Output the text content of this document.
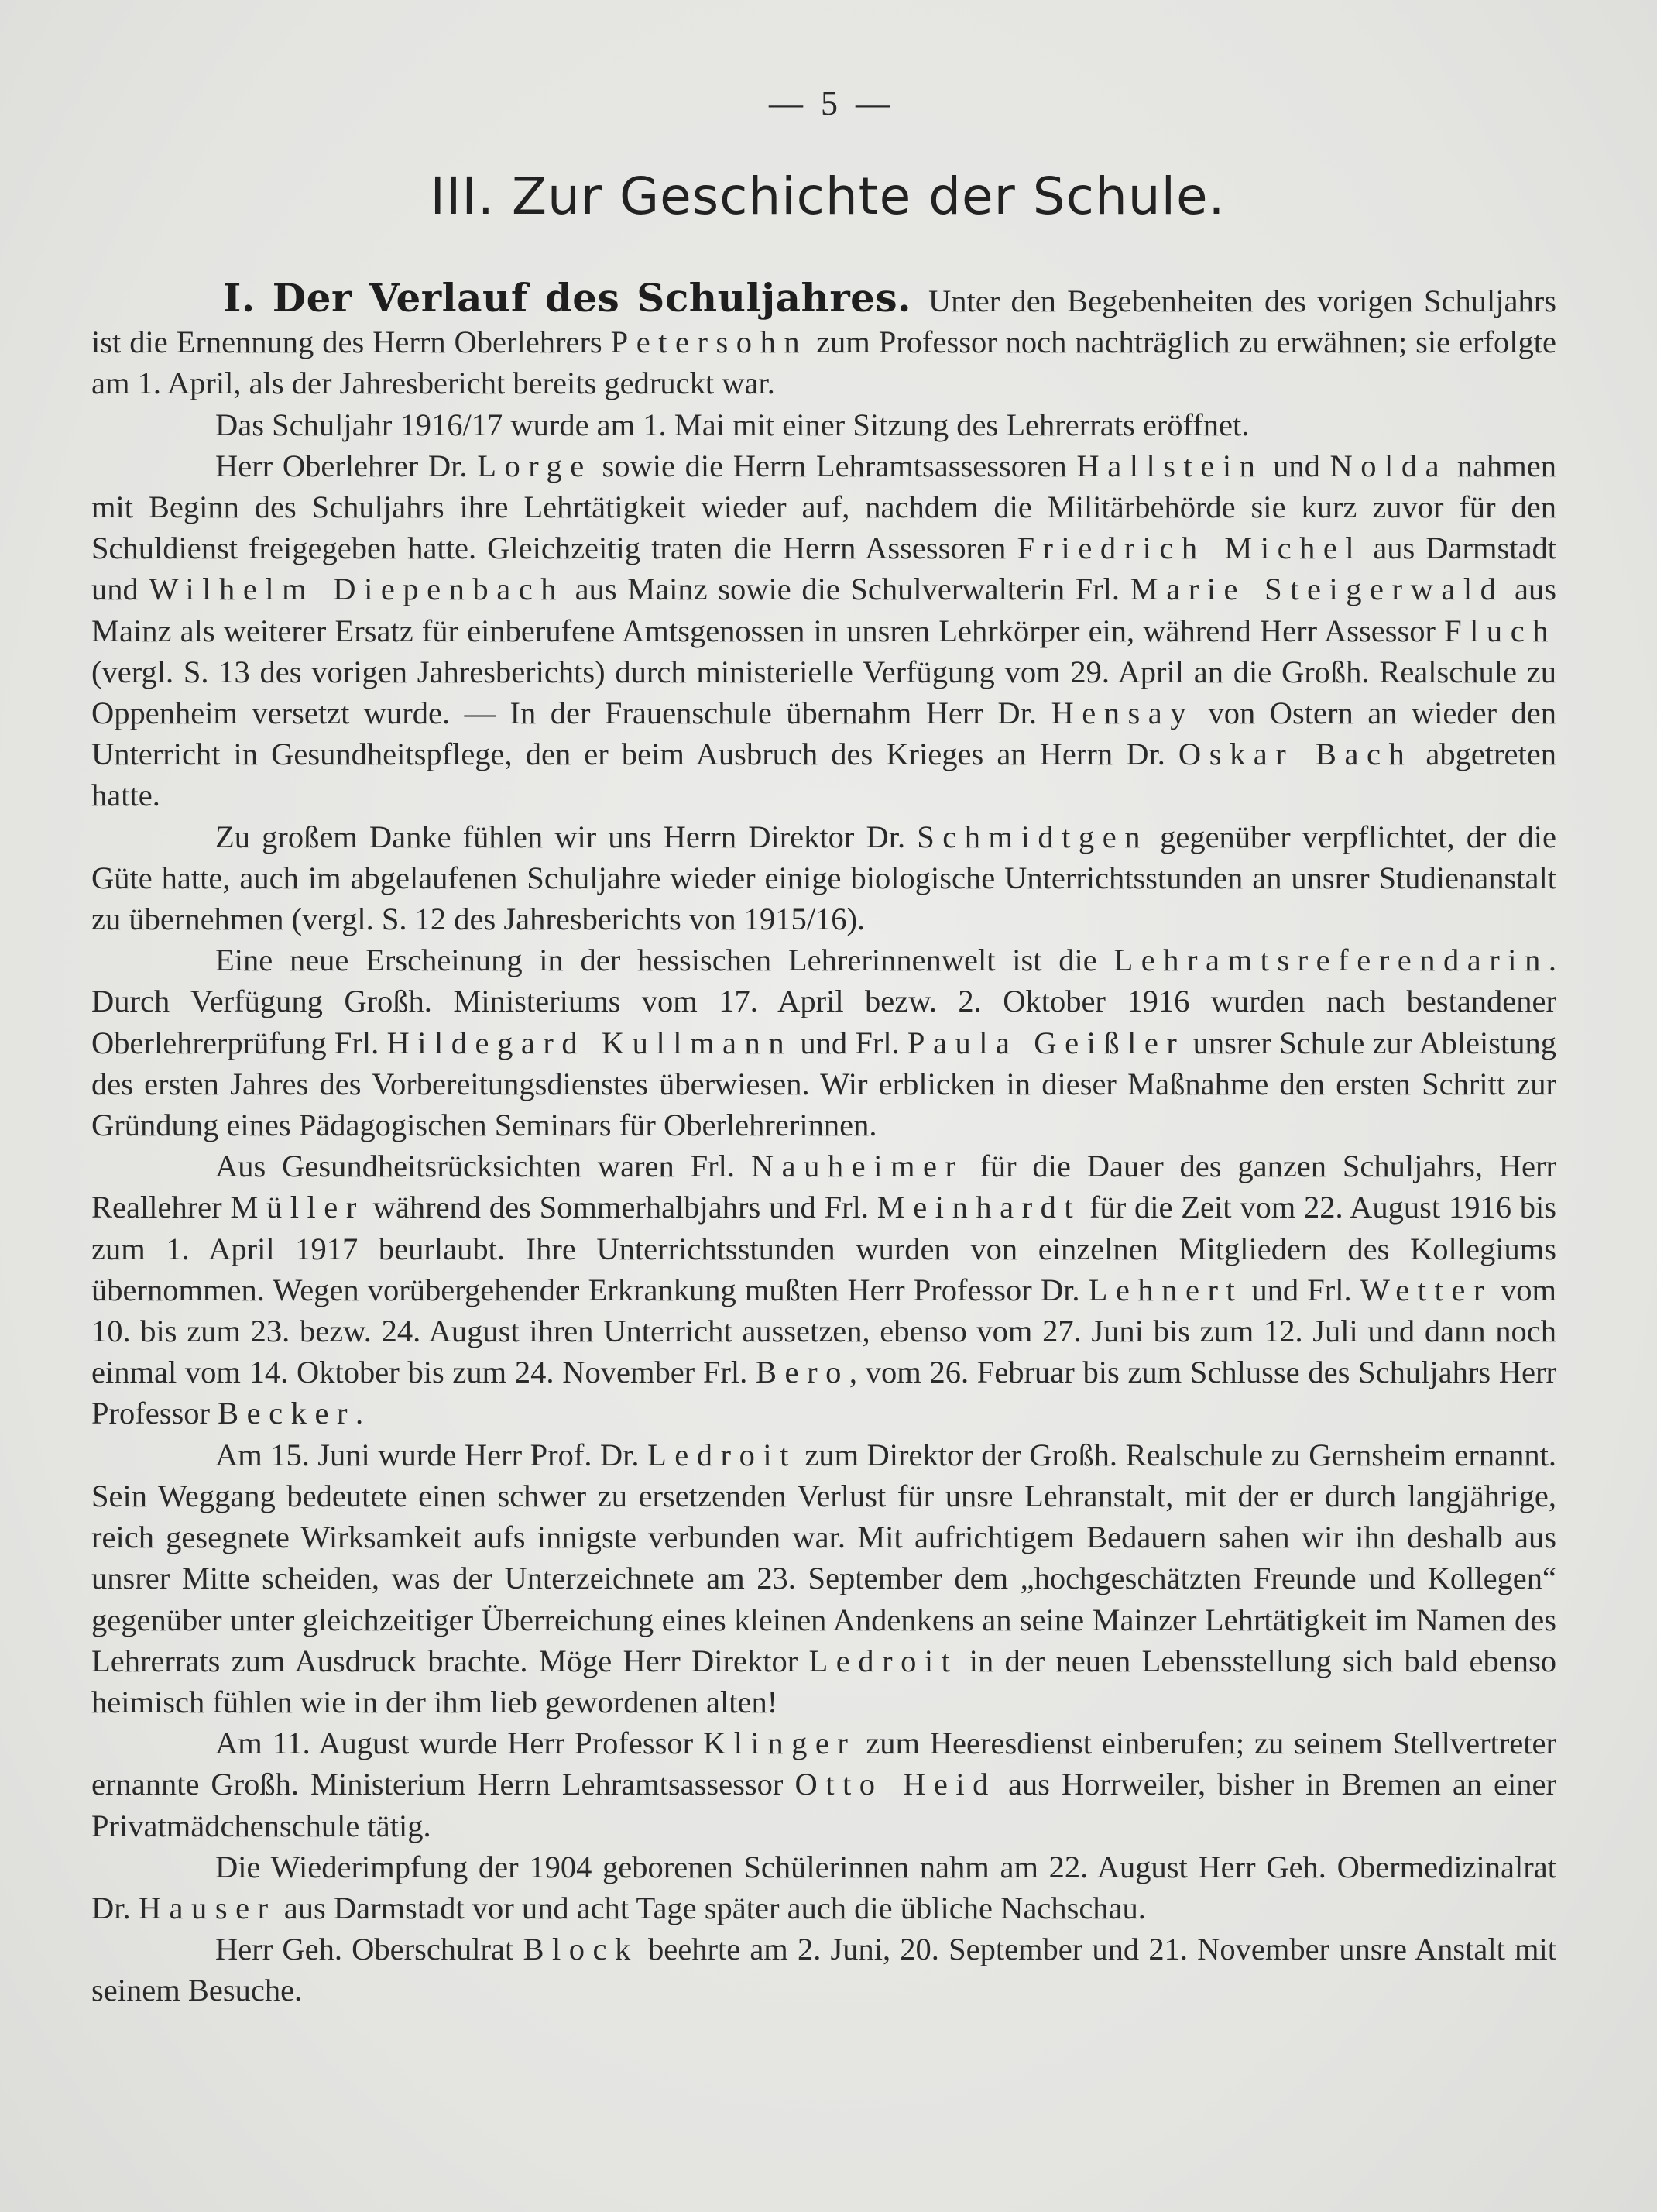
— 5 —
III. Zur Geschichte der Schule.

I. Der Verlauf des Schuljahres. Unter den Begebenheiten des vorigen Schuljahrs ist die Ernennung des Herrn Oberlehrers Petersohn zum Professor noch nachträglich zu erwähnen; sie erfolgte am 1. April, als der Jahresbericht bereits gedruckt war.

Das Schuljahr 1916/17 wurde am 1. Mai mit einer Sitzung des Lehrerrats eröffnet.

Herr Oberlehrer Dr. Lorge sowie die Herrn Lehramtsassessoren Hallstein und Nolda nahmen mit Beginn des Schuljahrs ihre Lehrtätigkeit wieder auf, nachdem die Militärbehörde sie kurz zuvor für den Schuldienst freigegeben hatte. Gleichzeitig traten die Herrn Assessoren Friedrich Michel aus Darmstadt und Wilhelm Diepenbach aus Mainz sowie die Schulverwalterin Frl. Marie Steigerwald aus Mainz als weiterer Ersatz für einberufene Amtsgenossen in unsren Lehrkörper ein, während Herr Assessor Fluch (vergl. S. 13 des vorigen Jahresberichts) durch ministerielle Verfügung vom 29. April an die Großh. Realschule zu Oppenheim versetzt wurde. — In der Frauenschule übernahm Herr Dr. Hensay von Ostern an wieder den Unterricht in Gesundheitspflege, den er beim Ausbruch des Krieges an Herrn Dr. Oskar Bach abgetreten hatte.

Zu großem Danke fühlen wir uns Herrn Direktor Dr. Schmidtgen gegenüber verpflichtet, der die Güte hatte, auch im abgelaufenen Schuljahre wieder einige biologische Unterrichtsstunden an unsrer Studienanstalt zu übernehmen (vergl. S. 12 des Jahresberichts von 1915/16).

Eine neue Erscheinung in der hessischen Lehrerinnenwelt ist die Lehramtsreferendarin. Durch Verfügung Großh. Ministeriums vom 17. April bezw. 2. Oktober 1916 wurden nach bestandener Oberlehrerprüfung Frl. Hildegard Kullmann und Frl. Paula Geißler unsrer Schule zur Ableistung des ersten Jahres des Vorbereitungsdienstes überwiesen. Wir erblicken in dieser Maßnahme den ersten Schritt zur Gründung eines Pädagogischen Seminars für Oberlehrerinnen.

Aus Gesundheitsrücksichten waren Frl. Nauheimer für die Dauer des ganzen Schuljahrs, Herr Reallehrer Müller während des Sommerhalbjahrs und Frl. Meinhardt für die Zeit vom 22. August 1916 bis zum 1. April 1917 beurlaubt. Ihre Unterrichtsstunden wurden von einzelnen Mitgliedern des Kollegiums übernommen. Wegen vorübergehender Erkrankung mußten Herr Professor Dr. Lehnert und Frl. Wetter vom 10. bis zum 23. bezw. 24. August ihren Unterricht aussetzen, ebenso vom 27. Juni bis zum 12. Juli und dann noch einmal vom 14. Oktober bis zum 24. November Frl. Bero, vom 26. Februar bis zum Schlusse des Schuljahrs Herr Professor Becker.

Am 15. Juni wurde Herr Prof. Dr. Ledroit zum Direktor der Großh. Realschule zu Gernsheim ernannt. Sein Weggang bedeutete einen schwer zu ersetzenden Verlust für unsre Lehranstalt, mit der er durch langjährige, reich gesegnete Wirksamkeit aufs innigste verbunden war. Mit aufrichtigem Bedauern sahen wir ihn deshalb aus unsrer Mitte scheiden, was der Unterzeichnete am 23. September dem „hochgeschätzten Freunde und Kollegen“ gegenüber unter gleichzeitiger Überreichung eines kleinen Andenkens an seine Mainzer Lehrtätigkeit im Namen des Lehrerrats zum Ausdruck brachte. Möge Herr Direktor Ledroit in der neuen Lebensstellung sich bald ebenso heimisch fühlen wie in der ihm lieb gewordenen alten!

Am 11. August wurde Herr Professor Klinger zum Heeresdienst einberufen; zu seinem Stellvertreter ernannte Großh. Ministerium Herrn Lehramtsassessor Otto Heid aus Horrweiler, bisher in Bremen an einer Privatmädchenschule tätig.

Die Wiederimpfung der 1904 geborenen Schülerinnen nahm am 22. August Herr Geh. Obermedizinalrat Dr. Hauser aus Darmstadt vor und acht Tage später auch die übliche Nachschau.

Herr Geh. Oberschulrat Block beehrte am 2. Juni, 20. September und 21. November unsre Anstalt mit seinem Besuche.
